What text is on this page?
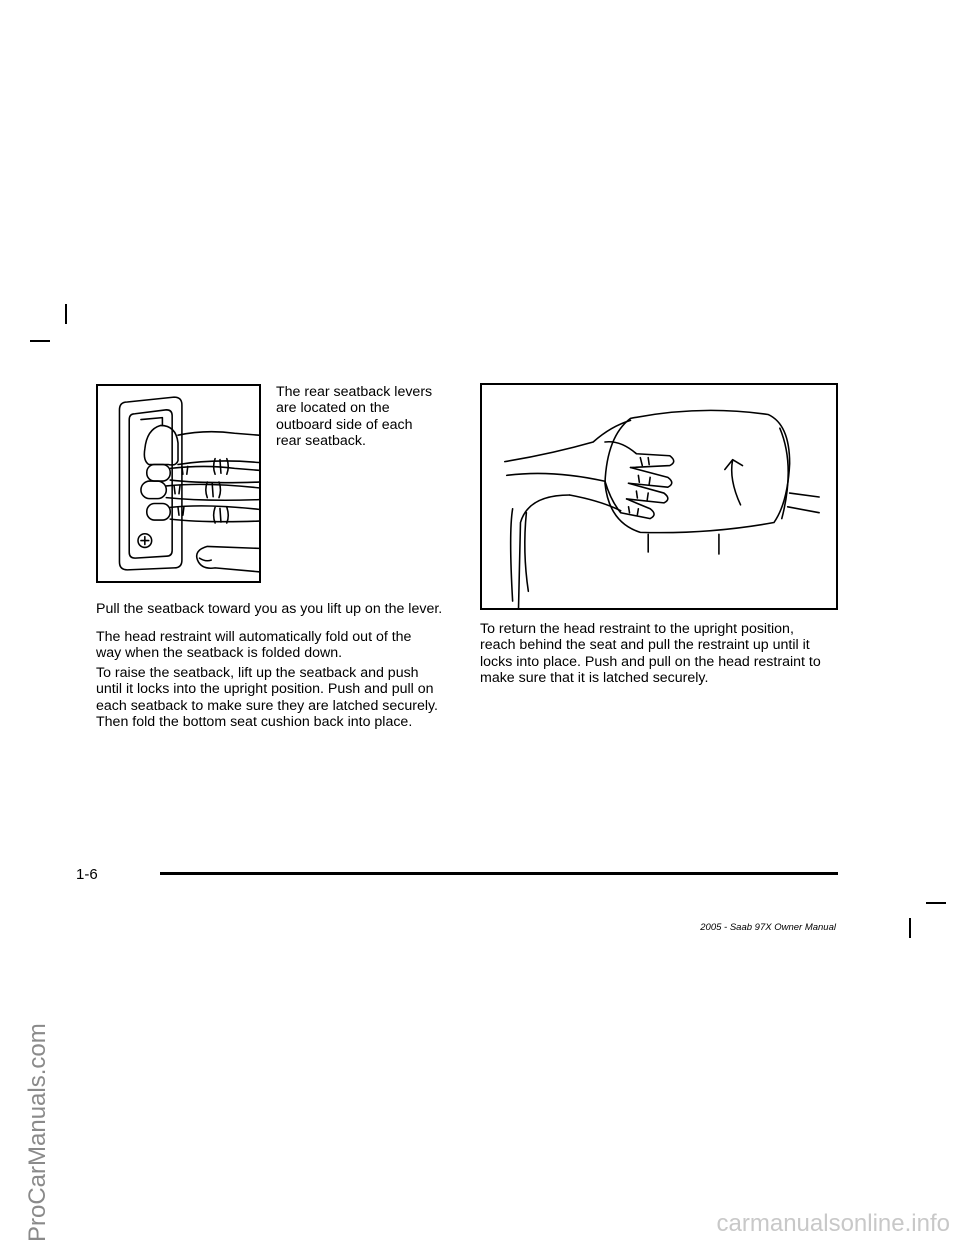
The rear seatback levers
are located on the
outboard side of each
rear seatback.

Pull the seatback toward you as you lift up on the lever.

The head restraint will automatically fold out of the
way when the seatback is folded down.

To raise the seatback, lift up the seatback and push
until it locks into the upright position. Push and pull on
each seatback to make sure they are latched securely.
Then fold the bottom seat cushion back into place.

To return the head restraint to the upright position,
reach behind the seat and pull the restraint up until it
locks into place. Push and pull on the head restraint to
make sure that it is latched securely.

1-6
2005 - Saab 97X Owner Manual
ProCarManuals.com	carmanualsonline.info
